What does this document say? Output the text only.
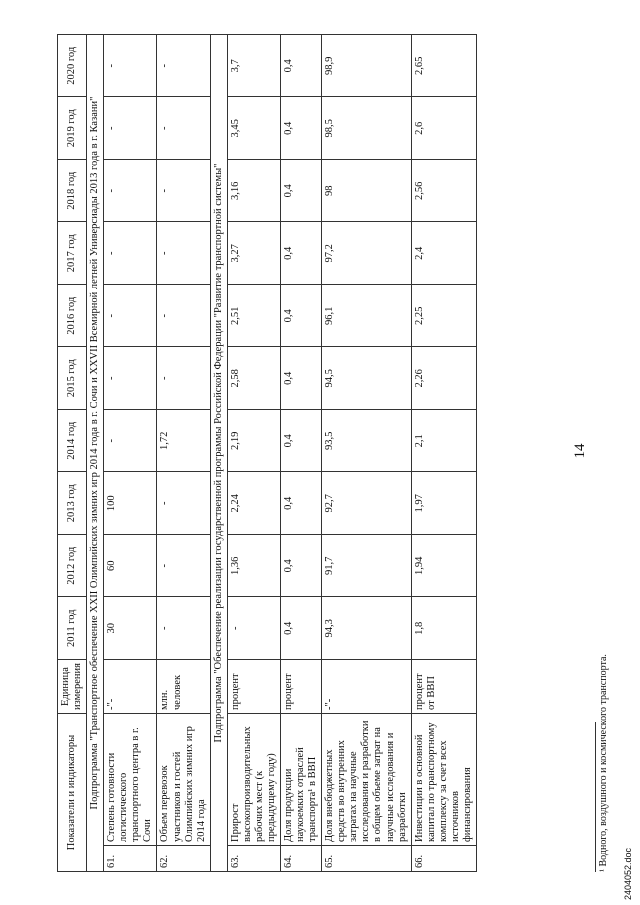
14
Показатели и индикаторы		Единица измерения	2011 год	2012 год	2013 год	2014 год	2015 год	2016 год	2017 год	2018 год	2019 год	2020 год
Подпрограмма "Транспортное обеспечение XXII Олимпийских зимних игр 2014 года в г. Сочи и XXVII Всемирной летней Универсиады 2013 года в г. Казани"												
61.	Степень готовности логистического транспортного центра в г. Сочи	-"-	30	60	100	-	-	-	-	-	-	-
62.	Объем перевозок участников и гостей Олимпийских зимних игр 2014 года	млн. человек	-	-	-	1,72	-	-	-	-	-	-
Подпрограмма "Обеспечение реализации государственной программы Российской Федерации "Развитие транспортной системы"												
63.	Прирост высокопроизводительных рабочих мест (к предыдущему году)	процент	-	1,36	2,24	2,19	2,58	2,51	3,27	3,16	3,45	3,7
64.	Доля продукции наукоемких отраслей транспорта¹ в ВВП	процент	0,4	0,4	0,4	0,4	0,4	0,4	0,4	0,4	0,4	0,4
65.	Доля внебюджетных средств во внутренних затратах на научные исследования и разработки в общем объеме затрат на научные исследования и разработки	-"-	94,3	91,7	92,7	93,5	94,5	96,1	97,2	98	98,5	98,9
66.	Инвестиции в основной капитал по транспортному комплексу за счет всех источников финансирования	процент от ВВП	1,8	1,94	1,97	2,1	2,26	2,25	2,4	2,56	2,6	2,65
¹ Водного, воздушного и космического транспорта.
2404052.doc
